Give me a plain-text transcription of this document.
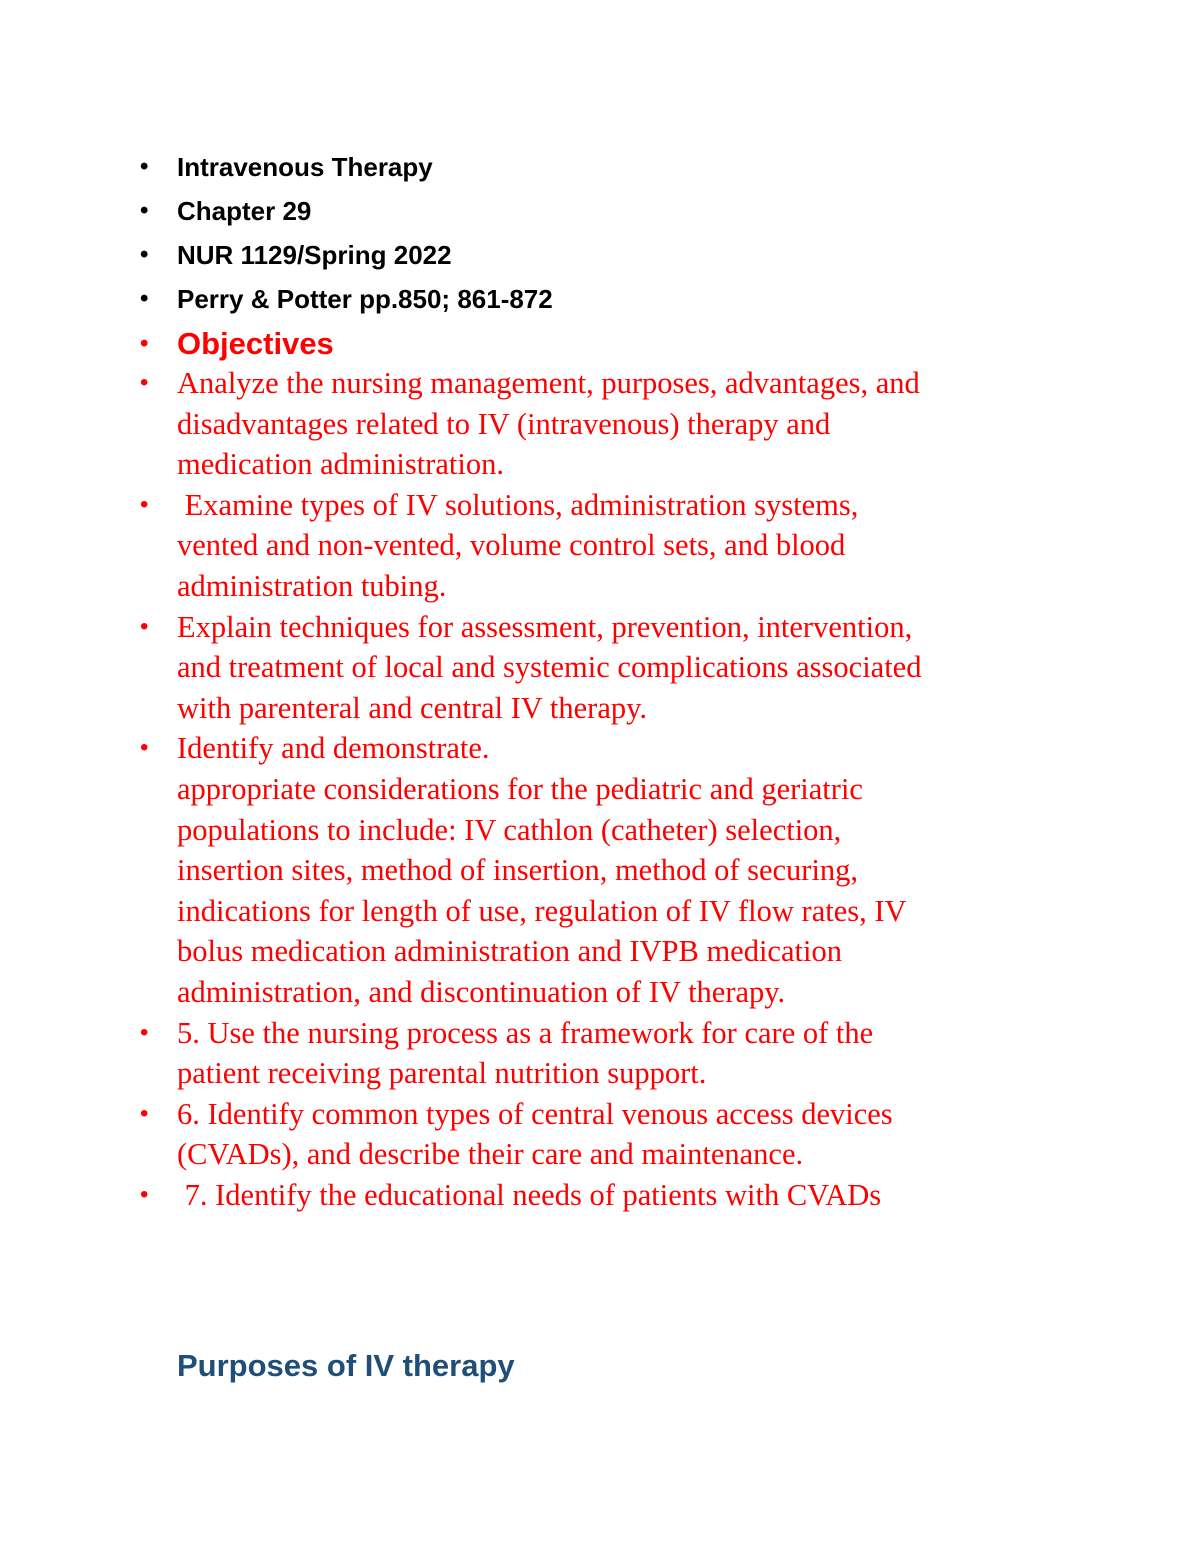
• Intravenous Therapy
• Chapter 29
• NUR 1129/Spring 2022
• Perry & Potter pp.850; 861-872
• Objectives
• Analyze the nursing management, purposes, advantages, and
disadvantages related to IV (intravenous) therapy and
medication administration.
• Examine types of IV solutions, administration systems,
vented and non-vented, volume control sets, and blood
administration tubing.
• Explain techniques for assessment, prevention, intervention,
and treatment of local and systemic complications associated
with parenteral and central IV therapy.
• Identify and demonstrate.
appropriate considerations for the pediatric and geriatric
populations to include: IV cathlon (catheter) selection,
insertion sites, method of insertion, method of securing,
indications for length of use, regulation of IV flow rates, IV
bolus medication administration and IVPB medication
administration, and discontinuation of IV therapy.
• 5. Use the nursing process as a framework for care of the
patient receiving parental nutrition support.
• 6. Identify common types of central venous access devices
(CVADs), and describe their care and maintenance.
• 7. Identify the educational needs of patients with CVADs
Purposes of IV therapy
